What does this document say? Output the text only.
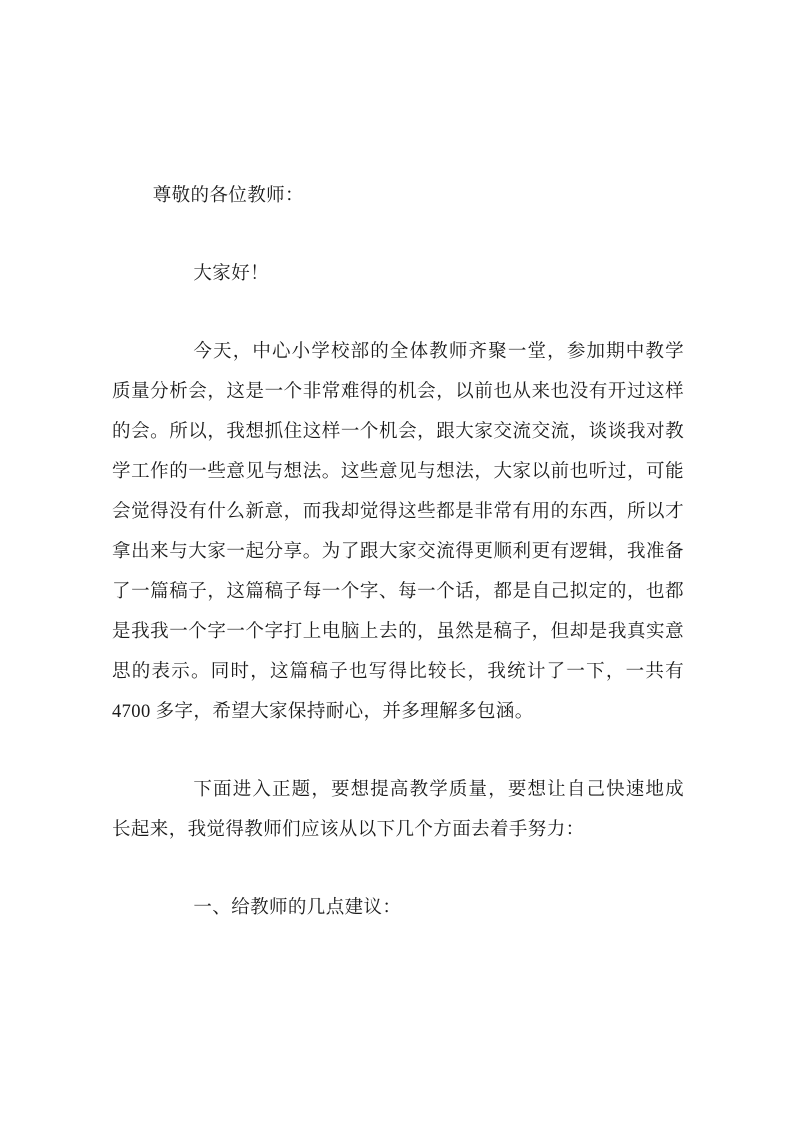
尊敬的各位教师：

大家好！

今天，中心小学校部的全体教师齐聚一堂，参加期中教学质量分析会，这是一个非常难得的机会，以前也从来也没有开过这样的会。所以，我想抓住这样一个机会，跟大家交流交流，谈谈我对教学工作的一些意见与想法。这些意见与想法，大家以前也听过，可能会觉得没有什么新意，而我却觉得这些都是非常有用的东西，所以才拿出来与大家一起分享。为了跟大家交流得更顺利更有逻辑，我准备了一篇稿子，这篇稿子每一个字、每一个话，都是自己拟定的，也都是我我一个字一个字打上电脑上去的，虽然是稿子，但却是我真实意思的表示。同时，这篇稿子也写得比较长，我统计了一下，一共有 4700 多字，希望大家保持耐心，并多理解多包涵。

下面进入正题，要想提高教学质量，要想让自己快速地成长起来，我觉得教师们应该从以下几个方面去着手努力：

一、给教师的几点建议：
